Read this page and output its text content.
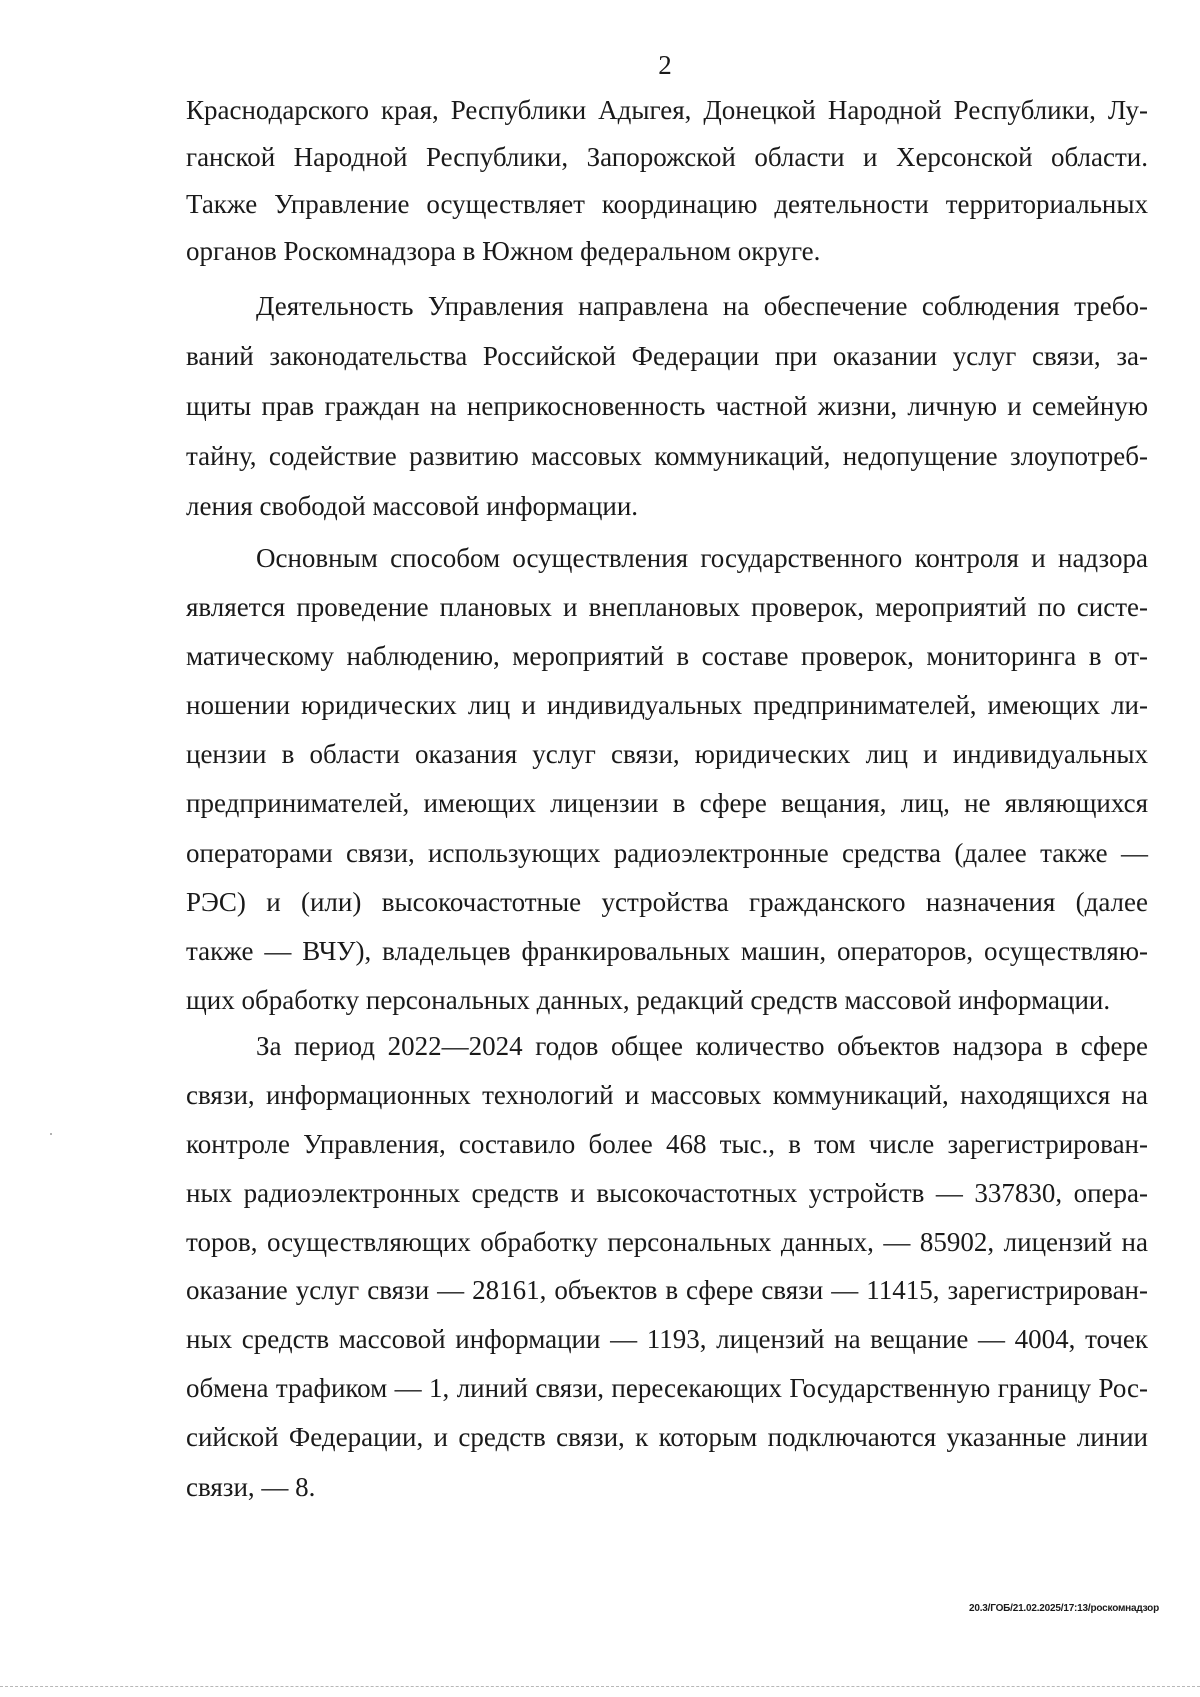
2
Краснодарского края, Республики Адыгея, Донецкой Народной Республики, Лу-
ганской Народной Республики, Запорожской области и Херсонской области.
Также Управление осуществляет координацию деятельности территориальных
органов Роскомнадзора в Южном федеральном округе.
Деятельность Управления направлена на обеспечение соблюдения требо-
ваний законодательства Российской Федерации при оказании услуг связи, за-
щиты прав граждан на неприкосновенность частной жизни, личную и семейную
тайну, содействие развитию массовых коммуникаций, недопущение злоупотреб-
ления свободой массовой информации.
Основным способом осуществления государственного контроля и надзора
является проведение плановых и внеплановых проверок, мероприятий по систе-
матическому наблюдению, мероприятий в составе проверок, мониторинга в от-
ношении юридических лиц и индивидуальных предпринимателей, имеющих ли-
цензии в области оказания услуг связи, юридических лиц и индивидуальных
предпринимателей, имеющих лицензии в сфере вещания, лиц, не являющихся
операторами связи, использующих радиоэлектронные средства (далее также —
РЭС) и (или) высокочастотные устройства гражданского назначения (далее
также — ВЧУ), владельцев франкировальных машин, операторов, осуществляю-
щих обработку персональных данных, редакций средств массовой информации.
За период 2022—2024 годов общее количество объектов надзора в сфере
связи, информационных технологий и массовых коммуникаций, находящихся на
контроле Управления, составило более 468 тыс., в том числе зарегистрирован-
ных радиоэлектронных средств и высокочастотных устройств — 337830, опера-
торов, осуществляющих обработку персональных данных, — 85902, лицензий на
оказание услуг связи — 28161, объектов в сфере связи — 11415, зарегистрирован-
ных средств массовой информации — 1193, лицензий на вещание — 4004, точек
обмена трафиком — 1, линий связи, пересекающих Государственную границу Рос-
сийской Федерации, и средств связи, к которым подключаются указанные линии
связи, — 8.
20.3/ГОБ/21.02.2025/17:13/роскомнадзор
